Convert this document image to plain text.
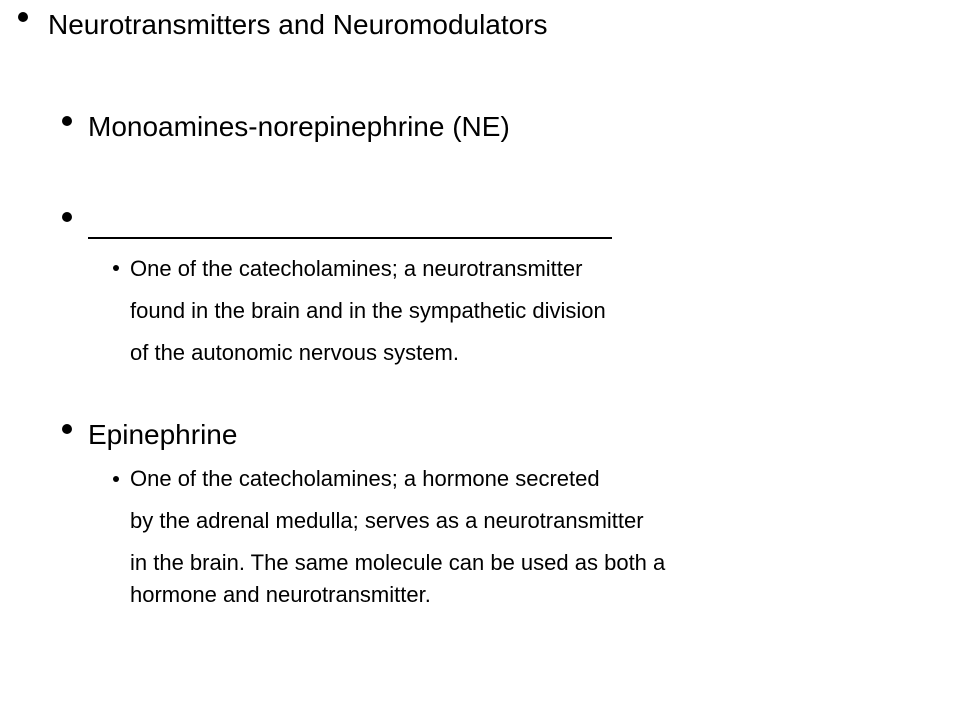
Neurotransmitters and Neuromodulators
Monoamines-norepinephrine (NE)
One of the catecholamines; a neurotransmitter
found in the brain and in the sympathetic division
of the autonomic nervous system.
Epinephrine
One of the catecholamines; a hormone secreted
by the adrenal medulla; serves as a neurotransmitter
in the brain. The same molecule can be used as both a
hormone and neurotransmitter.
